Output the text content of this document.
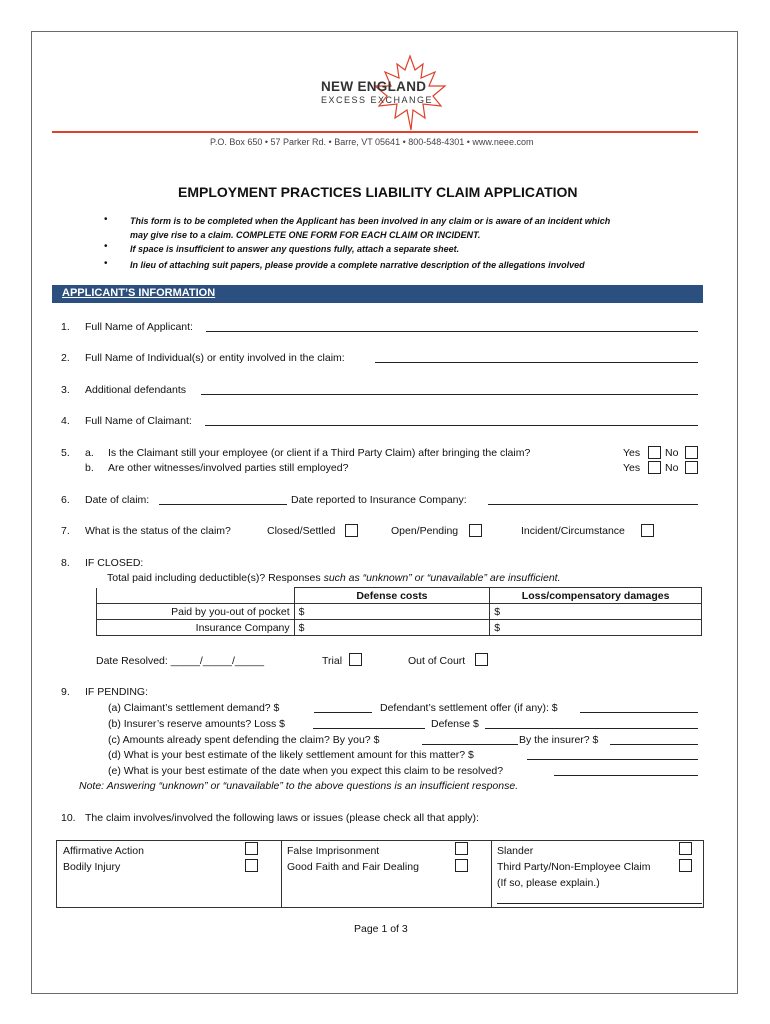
NEW ENGLAND
EXCESS EXCHANGE
P.O. Box 650 • 57 Parker Rd. • Barre, VT 05641 • 800-548-4301 • www.neee.com
EMPLOYMENT PRACTICES LIABILITY CLAIM APPLICATION
• This form is to be completed when the Applicant has been involved in any claim or is aware of an incident which
may give rise to a claim. COMPLETE ONE FORM FOR EACH CLAIM OR INCIDENT.
• If space is insufficient to answer any questions fully, attach a separate sheet.
• In lieu of attaching suit papers, please provide a complete narrative description of the allegations involved
APPLICANT’S INFORMATION
1. Full Name of Applicant:
2. Full Name of Individual(s) or entity involved in the claim:
3. Additional defendants
4. Full Name of Claimant:
5. a. Is the Claimant still your employee (or client if a Third Party Claim) after bringing the claim?	Yes No
b. Are other witnesses/involved parties still employed?	Yes No
6. Date of claim:	Date reported to Insurance Company:
7. What is the status of the claim?	Closed/Settled	Open/Pending	Incident/Circumstance
8. IF CLOSED:
Total paid including deductible(s)? Responses such as “unknown” or “unavailable” are insufficient.
	Defense costs	Loss/compensatory damages
Paid by you-out of pocket	$	$
Insurance Company	$	$
Date Resolved: _____/_____/_____	Trial	Out of Court
9. IF PENDING:
(a) Claimant’s settlement demand? $	Defendant’s settlement offer (if any): $
(b) Insurer’s reserve amounts? Loss $	Defense $
(c) Amounts already spent defending the claim? By you? $	By the insurer? $
(d) What is your best estimate of the likely settlement amount for this matter? $
(e) What is your best estimate of the date when you expect this claim to be resolved?
Note: Answering “unknown” or “unavailable” to the above questions is an insufficient response.
10. The claim involves/involved the following laws or issues (please check all that apply):
Affirmative Action
Bodily Injury
False Imprisonment
Good Faith and Fair Dealing
Slander
Third Party/Non-Employee Claim
(If so, please explain.)
Page 1 of 3
